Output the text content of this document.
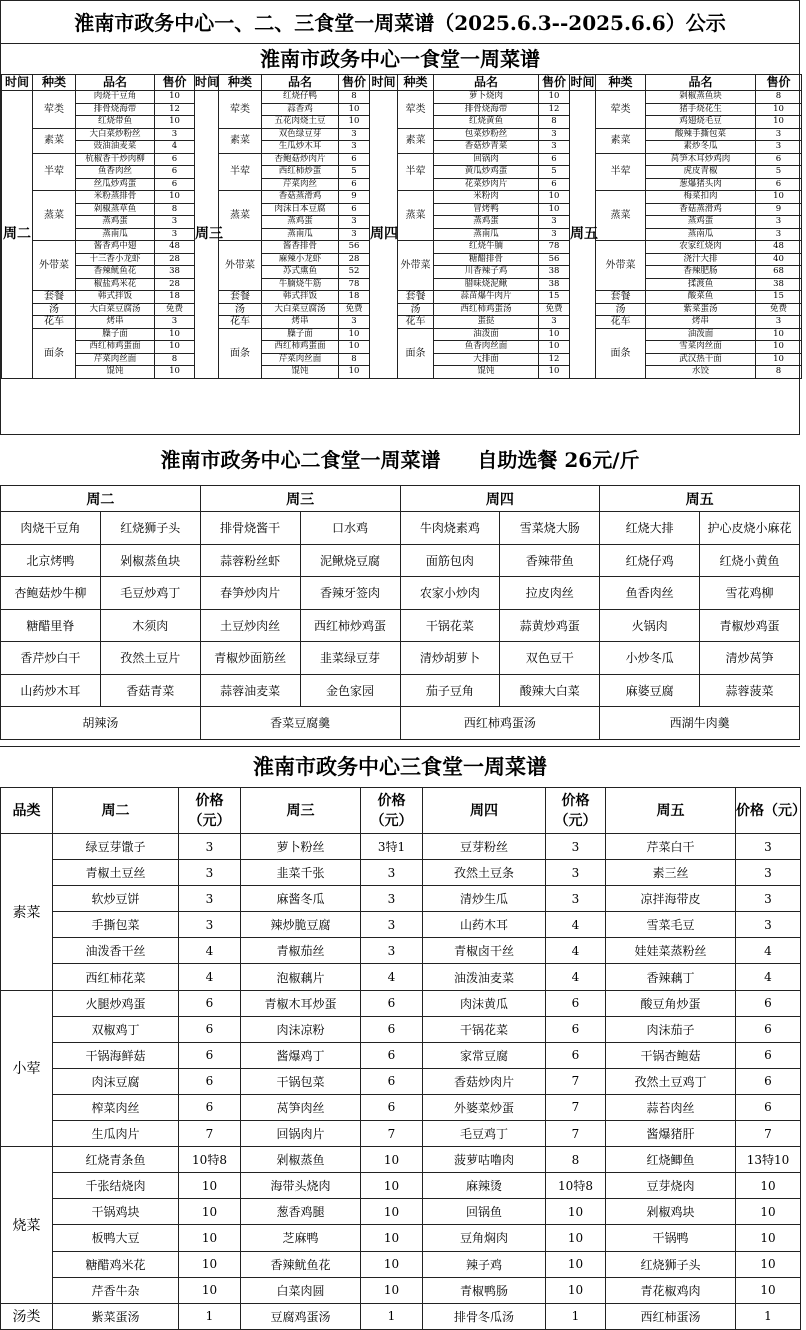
淮南市政务中心一、二、三食堂一周菜谱（2025.6.3--2025.6.6）公示
淮南市政务中心一食堂一周菜谱
时间	种类	品名	售价	时间	种类	品名	售价	时间	种类	品名	售价	时间	种类	品名	售价
周二	荤类	肉烧干豆角	10	周三	荤类	红烧仔鸭	8	周四	荤类	萝卜烧肉	10	周五	荤类	剁椒蒸鱼块	8
		排骨烧海带	12			蒜香鸡	10			排骨烧海带	12			猪手烧花生	10
		红烧带鱼	10			五花肉烧土豆	10			红烧黄鱼	8			鸡翅烧毛豆	10
	素菜	大白菜炒粉丝	3		素菜	双色绿豆芽	3		素菜	包菜炒粉丝	3		素菜	酸辣手撕包菜	3
		豉油油麦菜	4			生瓜炒木耳	3			香菇炒青菜	3			素炒冬瓜	3
	半荤	杭椒香干炒肉柳	6		半荤	杏鲍菇炒肉片	6		半荤	回锅肉	6		半荤	莴笋木耳炒鸡肉	6
		鱼香肉丝	6			西红柿炒蛋	5			黄瓜炒鸡蛋	5			虎皮青椒	5
		丝瓜炒鸡蛋	6			芹菜肉丝	6			花菜炒肉片	6			葱爆猪头肉	6
	蒸菜	米粉蒸排骨	10		蒸菜	香菇蒸滑鸡	9		蒸菜	米粉肉	10		蒸菜	梅菜扣肉	10
		剁椒蒸草鱼	8			肉沫日本豆腐	6			冒烤鸭	10			香菇蒸滑鸡	9
		蒸鸡蛋	3			蒸鸡蛋	3			蒸鸡蛋	3			蒸鸡蛋	3
		蒸南瓜	3			蒸南瓜	3			蒸南瓜	3			蒸南瓜	3
	外带菜	酱香鸡中翅	48		外带菜	酱香排骨	56		外带菜	红烧牛腩	78		外带菜	农家红烧肉	48
		十三香小龙虾	28			麻辣小龙虾	28			糖醋排骨	56			浇汁大排	40
		香辣鱿鱼花	38			苏式熏鱼	52			川香辣子鸡	38			香辣肥肠	68
		椒盐鸡米花	28			牛腩烧牛筋	78			腊味烧泥鳅	38			揉渡鱼	38
	套餐	韩式拌饭	18		套餐	韩式拌饭	18		套餐	蒜苗爆牛肉片	15		套餐	酸菜鱼	15
	汤	大白菜豆腐汤	免费		汤	大白菜豆腐汤	免费		汤	西红柿鸡蛋汤	免费		汤	紫菜蛋汤	免费
	花车	烤串	3		花车	烤串	3		花车	蛋挞	3		花车	烤串	3
	面条	臊子面	10		面条	臊子面	10		面条	油泼面	10		面条	油泼面	10
		西红柿鸡蛋面	10			西红柿鸡蛋面	10			鱼香肉丝面	10			雪菜肉丝面	10
		芹菜肉丝面	8			芹菜肉丝面	8			大排面	12			武汉热干面	10
		馄饨	10			馄饨	10			馄饨	10			水饺	8
淮南市政务中心二食堂一周菜谱 自助选餐 26元/斤
周二		周三		周四		周五	
肉烧干豆角	红烧狮子头	排骨烧酱干	口水鸡	牛肉烧素鸡	雪菜烧大肠	红烧大排	护心皮烧小麻花
北京烤鸭	剁椒蒸鱼块	蒜蓉粉丝虾	泥鳅烧豆腐	面筋包肉	香辣带鱼	红烧仔鸡	红烧小黄鱼
杏鲍菇炒牛柳	毛豆炒鸡丁	春笋炒肉片	香辣牙签肉	农家小炒肉	拉皮肉丝	鱼香肉丝	雪花鸡柳
糖醋里脊	木须肉	土豆炒肉丝	西红柿炒鸡蛋	干锅花菜	蒜黄炒鸡蛋	火锅肉	青椒炒鸡蛋
香芹炒白干	孜然土豆片	青椒炒面筋丝	韭菜绿豆芽	清炒胡萝卜	双色豆干	小炒冬瓜	清炒莴笋
山药炒木耳	香菇青菜	蒜蓉油麦菜	金色家园	茄子豆角	酸辣大白菜	麻婆豆腐	蒜蓉菠菜
胡辣汤		香菜豆腐羹		西红柿鸡蛋汤		西湖牛肉羹	
淮南市政务中心三食堂一周菜谱
品类	周二	价格（元）	周三	价格（元）	周四	价格（元）	周五	价格（元）
素菜	绿豆芽馓子	3	萝卜粉丝	3特1	豆芽粉丝	3	芹菜白干	3
	青椒土豆丝	3	韭菜千张	3	孜然土豆条	3	素三丝	3
	软炒豆饼	3	麻酱冬瓜	3	清炒生瓜	3	凉拌海带皮	3
	手撕包菜	3	辣炒脆豆腐	3	山药木耳	4	雪菜毛豆	3
	油泼香干丝	4	青椒茄丝	3	青椒卤干丝	4	娃娃菜蒸粉丝	4
	西红柿花菜	4	泡椒藕片	4	油泼油麦菜	4	香辣藕丁	4
小荤	火腿炒鸡蛋	6	青椒木耳炒蛋	6	肉沫黄瓜	6	酸豆角炒蛋	6
	双椒鸡丁	6	肉沫凉粉	6	干锅花菜	6	肉沫茄子	6
	干锅海鲜菇	6	酱爆鸡丁	6	家常豆腐	6	干锅杏鲍菇	6
	肉沫豆腐	6	干锅包菜	6	香菇炒肉片	7	孜然土豆鸡丁	6
	榨菜肉丝	6	莴笋肉丝	6	外婆菜炒蛋	7	蒜苔肉丝	6
	生瓜肉片	7	回锅肉片	7	毛豆鸡丁	7	酱爆猪肝	7
烧菜	红烧青条鱼	10特8	剁椒蒸鱼	10	菠萝咕噜肉	8	红烧鲫鱼	13特10
	千张结烧肉	10	海带头烧肉	10	麻辣烫	10特8	豆芽烧肉	10
	干锅鸡块	10	葱香鸡腿	10	回锅鱼	10	剁椒鸡块	10
	板鸭大豆	10	芝麻鸭	10	豆角焖肉	10	干锅鸭	10
	糖醋鸡米花	10	香辣鱿鱼花	10	辣子鸡	10	红烧狮子头	10
	芹香牛杂	10	白菜肉圆	10	青椒鸭肠	10	青花椒鸡肉	10
汤类	紫菜蛋汤	1	豆腐鸡蛋汤	1	排骨冬瓜汤	1	西红柿蛋汤	1
